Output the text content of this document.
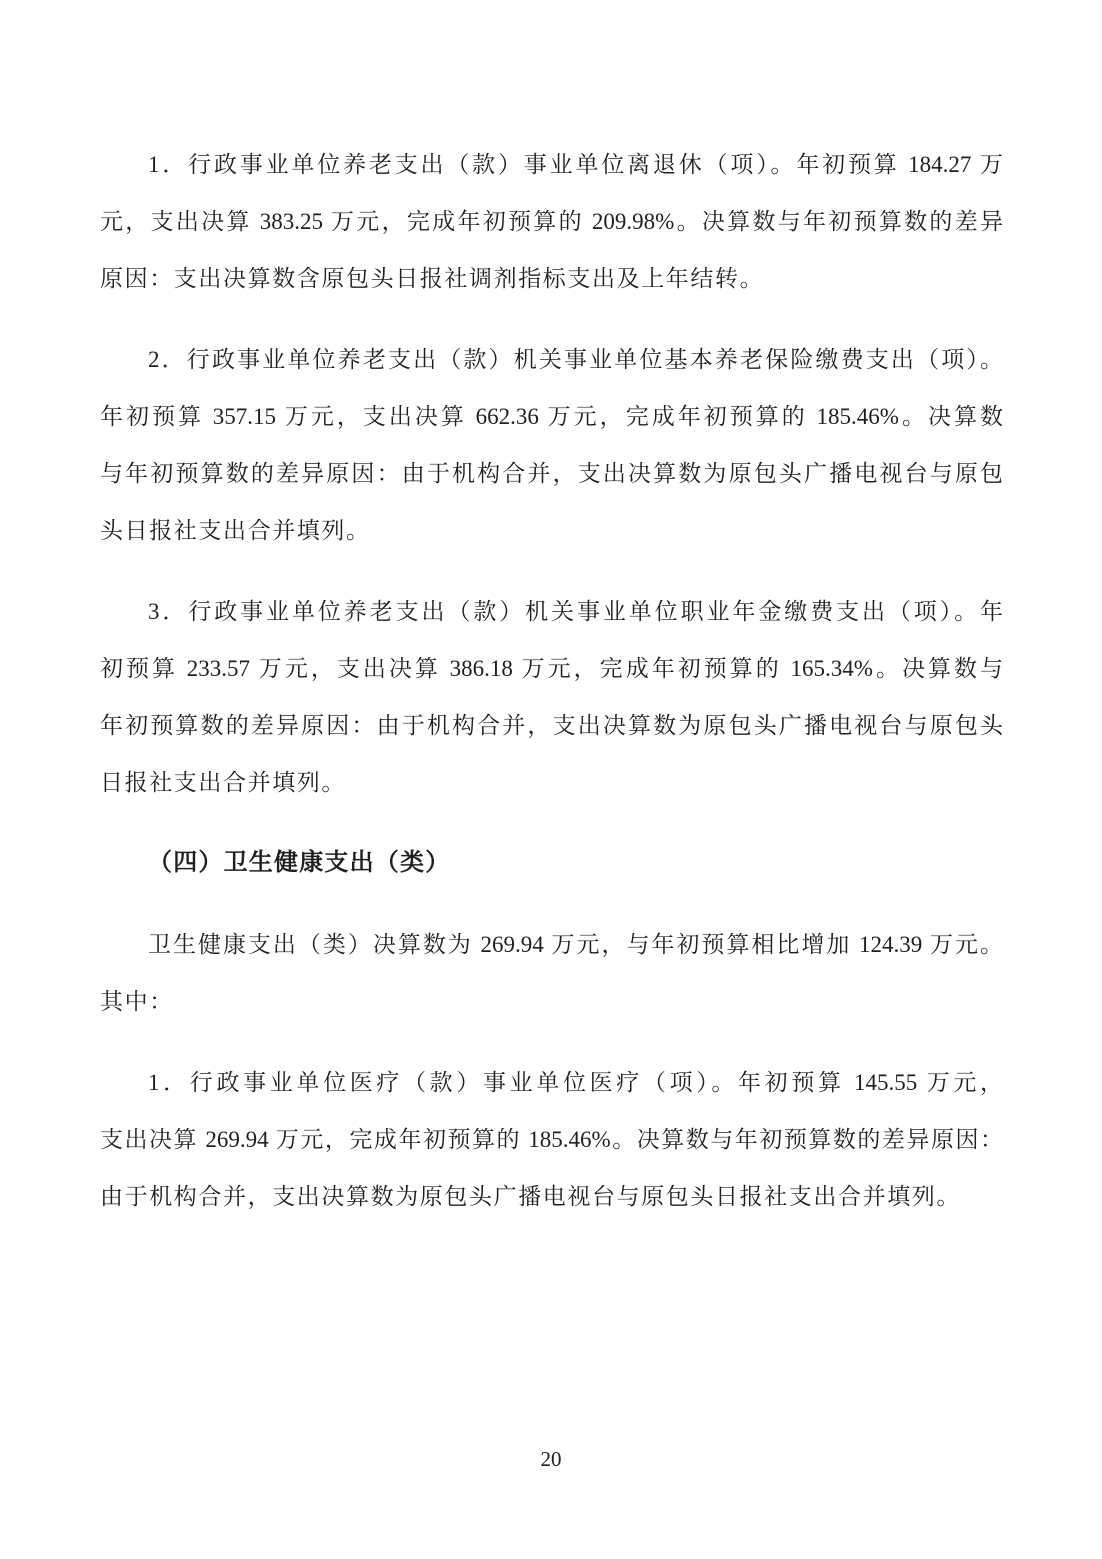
1．行政事业单位养老支出（款）事业单位离退休（项）。年初预算 184.27 万
元，支出决算 383.25 万元，完成年初预算的 209.98%。决算数与年初预算数的差异
原因：支出决算数含原包头日报社调剂指标支出及上年结转。
2．行政事业单位养老支出（款）机关事业单位基本养老保险缴费支出（项）。
年初预算 357.15 万元，支出决算 662.36 万元，完成年初预算的 185.46%。决算数
与年初预算数的差异原因：由于机构合并，支出决算数为原包头广播电视台与原包
头日报社支出合并填列。
3．行政事业单位养老支出（款）机关事业单位职业年金缴费支出（项）。年
初预算 233.57 万元，支出决算 386.18 万元，完成年初预算的 165.34%。决算数与
年初预算数的差异原因：由于机构合并，支出决算数为原包头广播电视台与原包头
日报社支出合并填列。
（四）卫生健康支出（类）
卫生健康支出（类）决算数为 269.94 万元，与年初预算相比增加 124.39 万元。
其中：
1．行政事业单位医疗（款）事业单位医疗（项）。年初预算 145.55 万元，
支出决算 269.94 万元，完成年初预算的 185.46%。决算数与年初预算数的差异原因：
由于机构合并，支出决算数为原包头广播电视台与原包头日报社支出合并填列。
20
